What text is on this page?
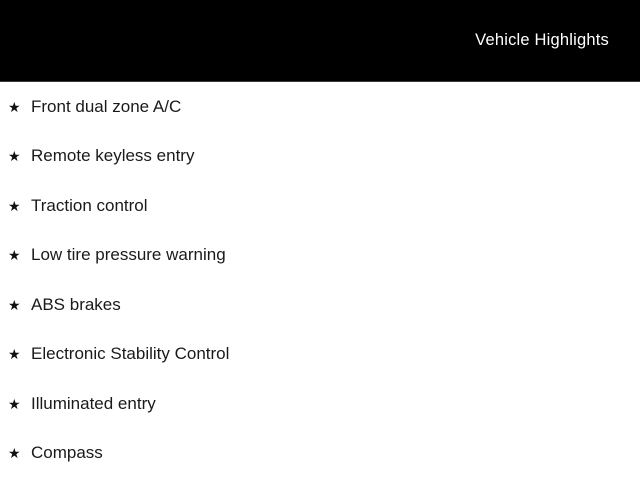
Vehicle Highlights
★ Front dual zone A/C
★ Remote keyless entry
★ Traction control
★ Low tire pressure warning
★ ABS brakes
★ Electronic Stability Control
★ Illuminated entry
★ Compass
